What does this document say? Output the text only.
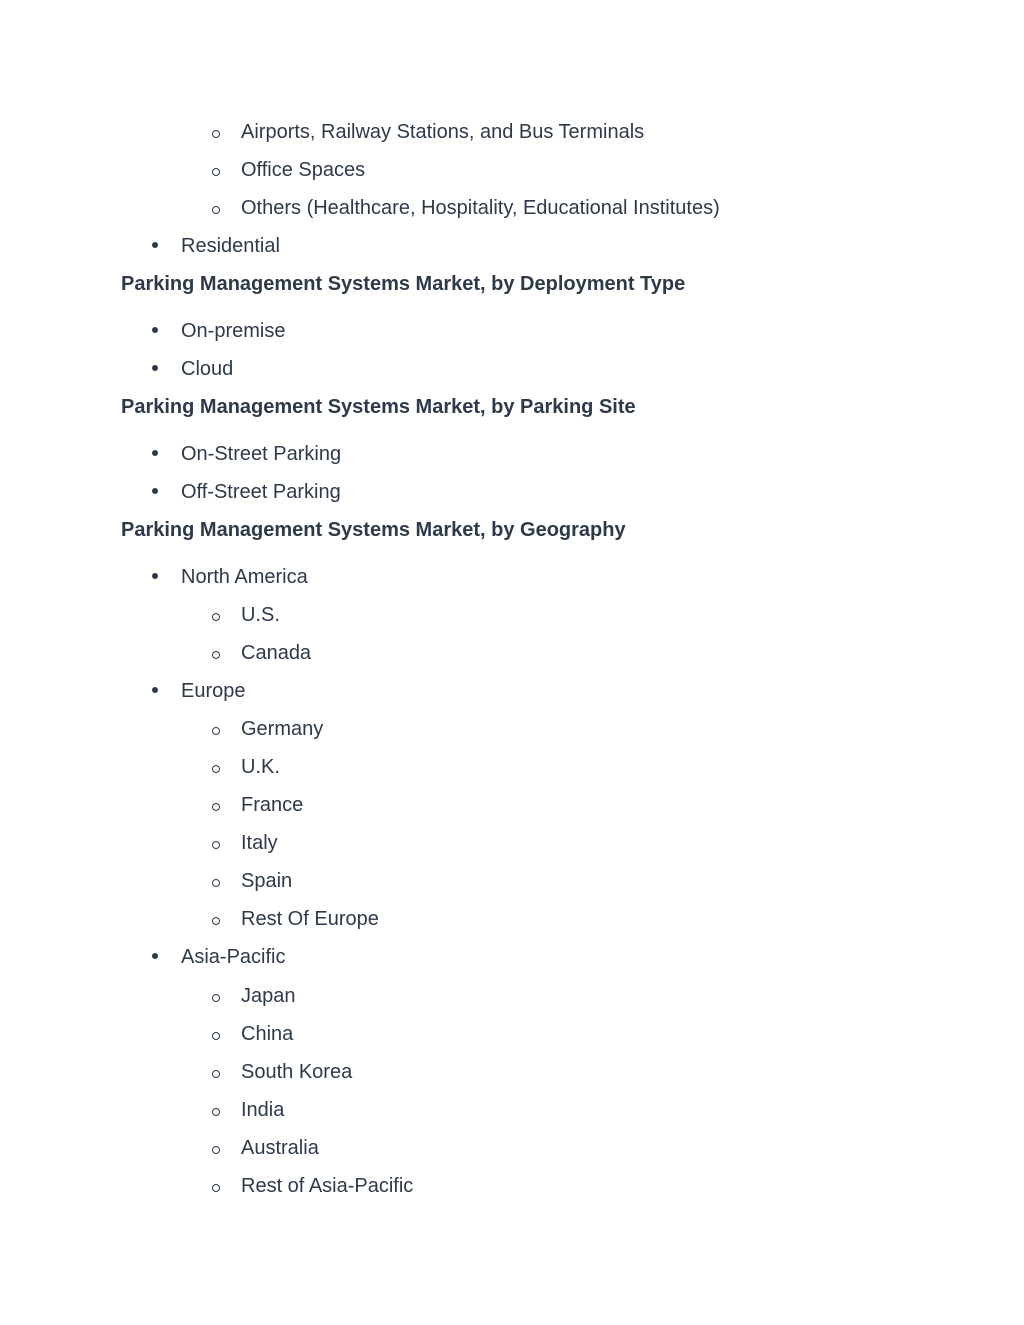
Airports, Railway Stations, and Bus Terminals
Office Spaces
Others (Healthcare, Hospitality, Educational Institutes)
Residential
Parking Management Systems Market, by Deployment Type
On-premise
Cloud
Parking Management Systems Market, by Parking Site
On-Street Parking
Off-Street Parking
Parking Management Systems Market, by Geography
North America
U.S.
Canada
Europe
Germany
U.K.
France
Italy
Spain
Rest Of Europe
Asia-Pacific
Japan
China
South Korea
India
Australia
Rest of Asia-Pacific
